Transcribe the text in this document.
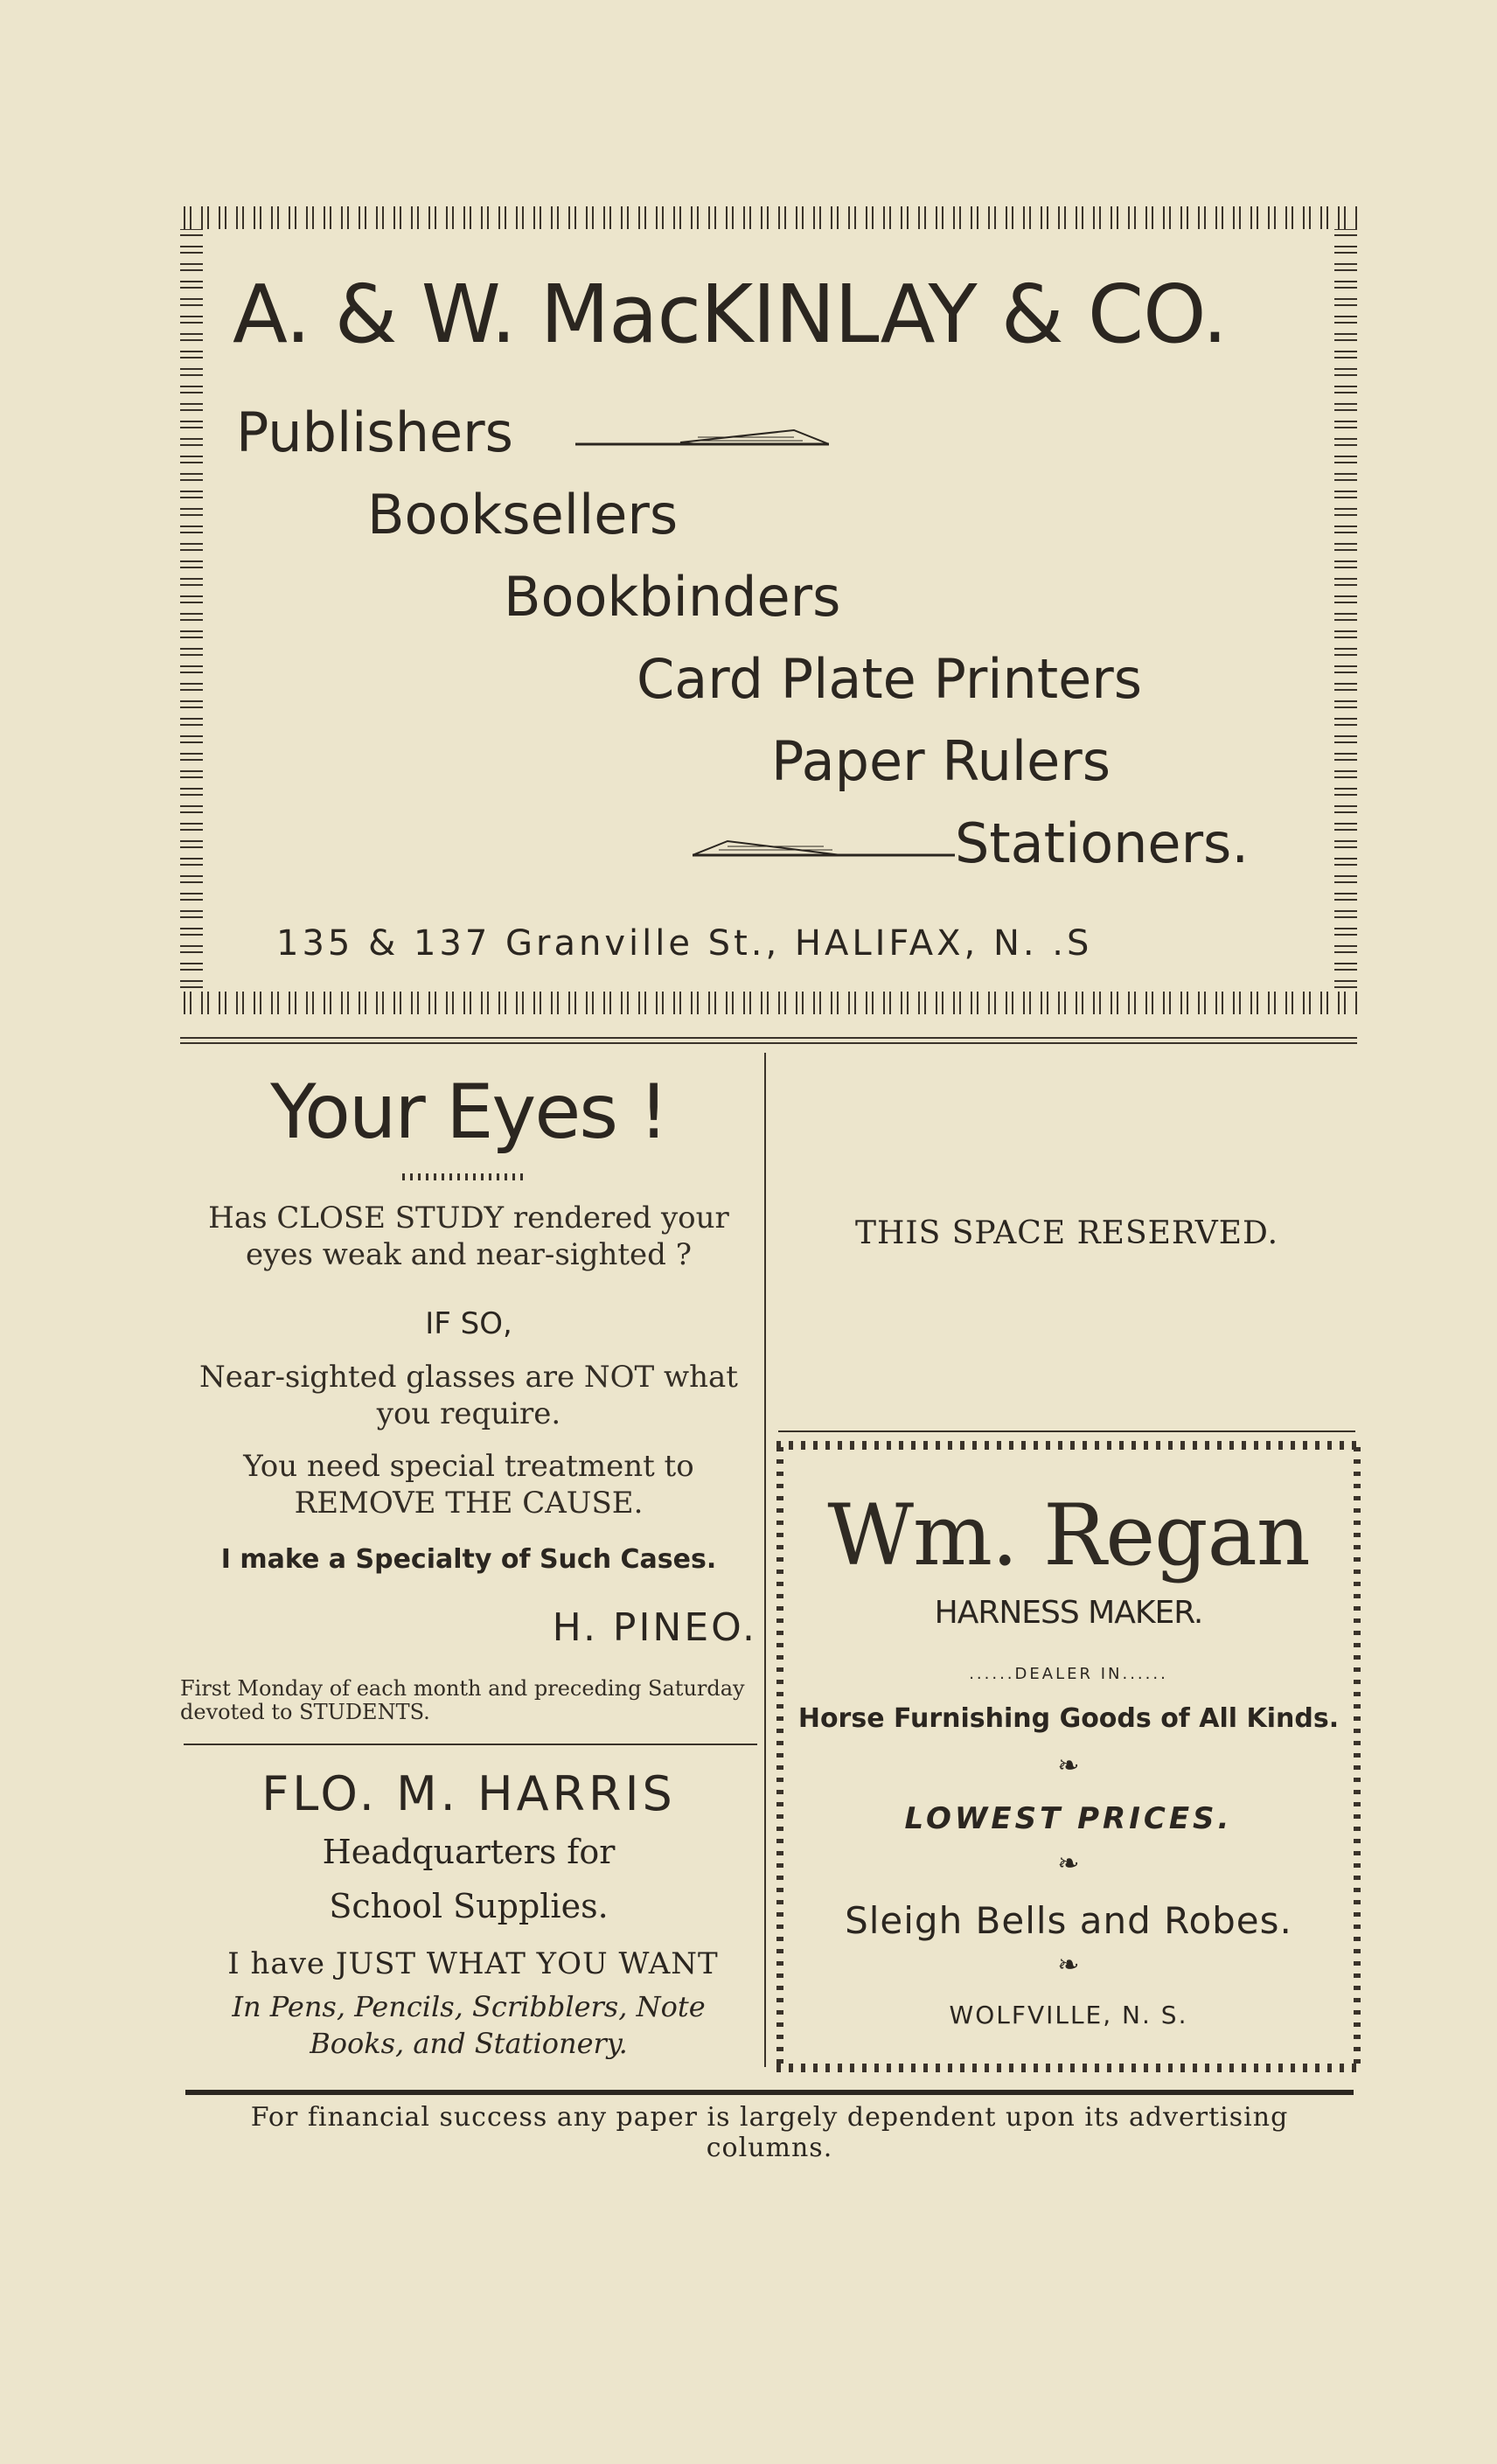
A. & W. MacKINLAY & CO.
Publishers
Booksellers
Bookbinders
Card Plate Printers
Paper Rulers
Stationers.
135 & 137 Granville St., HALIFAX, N. .S
Your Eyes !
Has CLOSE STUDY rendered your eyes weak and near-sighted ?
IF SO,
Near-sighted glasses are NOT what you require.
You need special treatment to REMOVE THE CAUSE.
I make a Specialty of Such Cases.
H. PINEO.
First Monday of each month and preceding Saturday devoted to STUDENTS.
FLO. M. HARRIS
Headquarters for
School Supplies.
I have JUST WHAT YOU WANT
In Pens, Pencils, Scribblers, Note Books, and Stationery.
THIS SPACE RESERVED.
Wm. Regan
HARNESS MAKER.
......DEALER IN......
Horse Furnishing Goods of All Kinds.
❧
LOWEST PRICES.
❧
Sleigh Bells and Robes.
❧
WOLFVILLE, N. S.
For financial success any paper is largely dependent upon its advertising columns.
